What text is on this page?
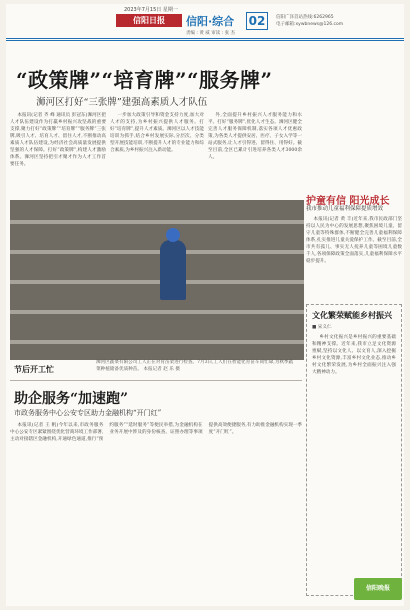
2023年7月15日 星期一
信阳日报	信阳·综合 02
责编 : 黄 威 审读 : 张 杰
信阳广泽首站热线:6262965
电子邮箱:xywbnews@126.com
“政策牌”“培育牌”“服务牌”
浉河区打好“三张牌”建强高素质人才队伍

本报讯(记者 齐 峰 通讯员 彭冠东)浉河区把人才队伍建设作为打赢乡村振兴攻坚战的重要支撑,聚力打好“政策牌”“培育牌”“服务牌”三张牌,吸引人才、培育人才、留住人才,不断推动高素质人才队伍建设,为经济社会高质量发展提供坚强的人才保障。打好“政策牌”,构建人才激励体系。浉河区坚持把引才聚才作为人才工作首要任务。

一步加大政策引导和资金支持力度,加大对人才的支持,为乡村振兴提供人才服务。打好“培育牌”,提升人才素质。浉河区以人才技能培训为抓手,结合乡村发展实际,分层次、分类型开展技能培训,不断提升人才的专业能力和综合素质,为乡村振兴注入新动能。

外,全面提升乡村振兴人才服务能力和水平。打好“服务牌”,优化人才生态。浉河区健全完善人才服务保障机制,落实各项人才优惠政策,为各类人才提供安居、医疗、子女入学等一站式服务,让人才引得进、留得住、用得好。截至目前,全区已累计引进培养各类人才3000余人。

浉河区蔬菜有限公司工人正在对育苗架进行检查。7月3日,工人们在智能化育苗车间忙碌,为秋季蔬菜种植储备优质种苗。 本报记者 赵 乐 摄
节后开工忙
护童有信 阳光成长
我市推动儿童福利保障提质增效

本报讯(记者 黄 丰)近年来,我市民政部门坚持以人民为中心的发展思想,聚焦困境儿童、留守儿童等特殊群体,不断健全完善儿童福利保障体系,扎实推进儿童关爱保护工作。截至目前,全市共有孤儿、事实无人抚养儿童等困境儿童数千人,各项保障政策全面落实,儿童福利保障水平稳步提升。

助企服务“加速跑”
市政务服务中心公安专区助力金融机构“开门红”

本报讯(记者 王 帆)今年以来,市政务服务中心公安专区紧紧围绕优化营商环境工作部署,主动对接辖区金融机构,开通绿色通道,推行“预约服务”“延时服务”等便民举措,为金融机构在业务开展中涉及的身份核查、证照办理等事项提供高效便捷服务,有力助推金融机构实现一季度“开门红”。

文化繁荣赋能乡村振兴
■ 宋义仁

乡村文化振兴是乡村振兴的重要基础和精神支撑。近年来,我市立足文化资源禀赋,坚持以文化人、以文育人,深入挖掘乡村文化资源,丰富乡村文化业态,推动乡村文化繁荣发展,为乡村全面振兴注入强大精神动力。

信阳晚报
